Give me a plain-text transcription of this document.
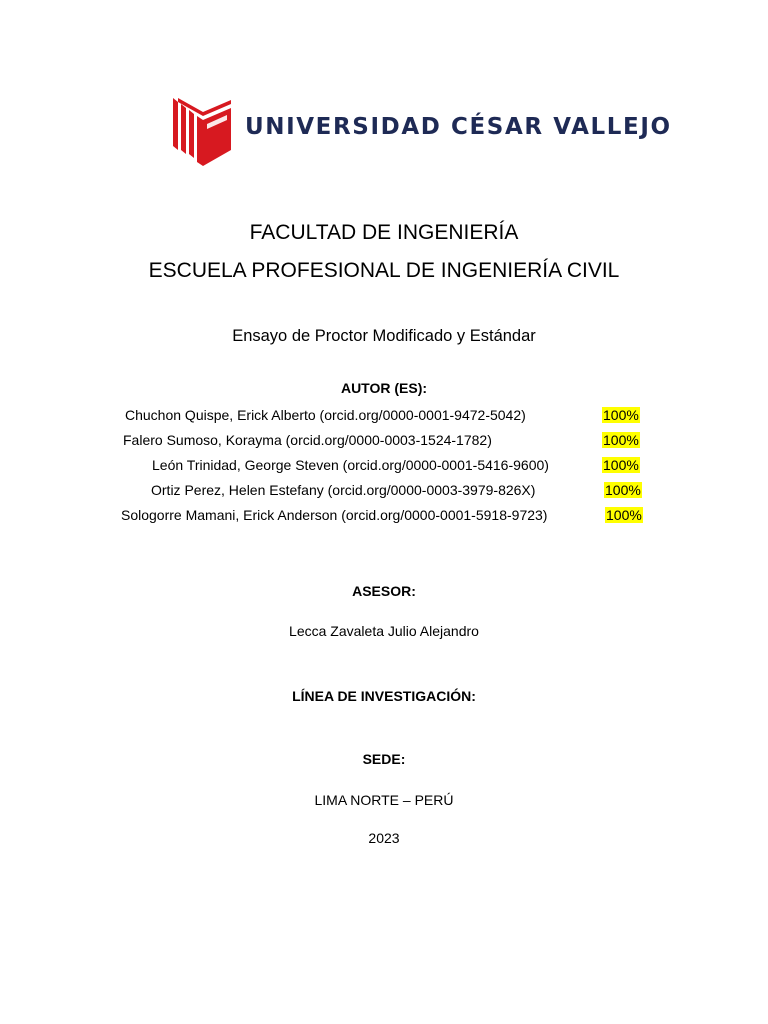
UNIVERSIDAD CÉSAR VALLEJO
FACULTAD DE INGENIERÍA
ESCUELA PROFESIONAL DE INGENIERÍA CIVIL
Ensayo de Proctor Modificado y Estándar
AUTOR (ES):
Chuchon Quispe, Erick Alberto (orcid.org/0000-0001-9472-5042)	100%
Falero Sumoso, Korayma (orcid.org/0000-0003-1524-1782)	100%
León Trinidad, George Steven (orcid.org/0000-0001-5416-9600)	100%
Ortiz Perez, Helen Estefany (orcid.org/0000-0003-3979-826X)	100%
Sologorre Mamani, Erick Anderson (orcid.org/0000-0001-5918-9723)	100%
ASESOR:
Lecca Zavaleta Julio Alejandro
LÍNEA DE INVESTIGACIÓN:
SEDE:
LIMA NORTE – PERÚ
2023
